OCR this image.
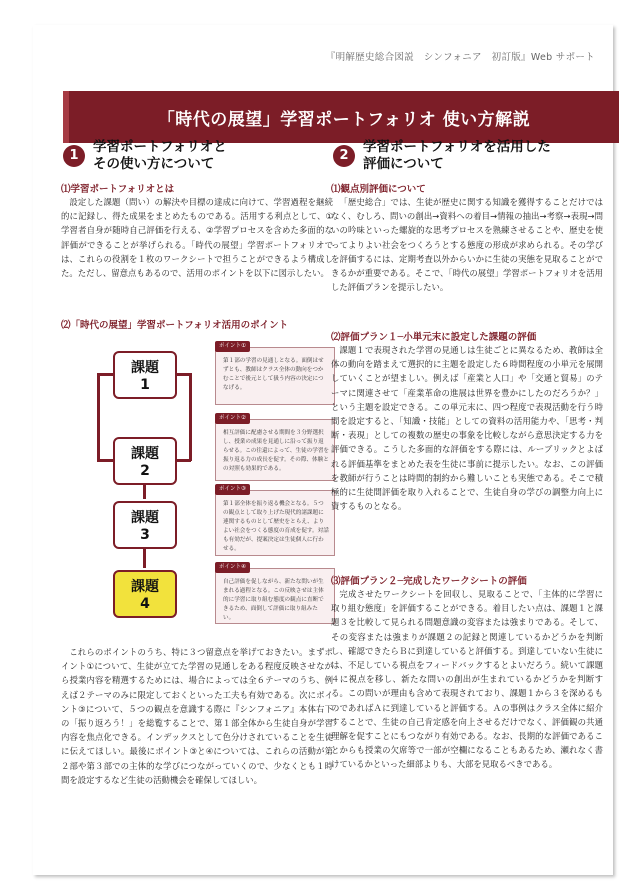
『明解歴史総合図説　シンフォニア　初訂版』Web サポート
「時代の展望」学習ポートフォリオ 使い方解説
1
学習ポートフォリオと
その使い方について
⑴学習ポートフォリオとは
設定した課題（問い）の解決や目標の達成に向けて、学習過程を継続的に記録し、得た成果をまとめたものである。活用する利点として、①学習者自身が随時自己評価を行える、②学習プロセスを含めた多面的な評価ができることが挙げられる。「時代の展望」学習ポートフォリオでは、これらの役割を１枚のワークシートで担うことができるよう構成した。ただし、留意点もあるので、活用のポイントを以下に図示したい。
⑵「時代の展望」学習ポートフォリオ活用のポイント
課題
1
課題
2
課題
3
課題
4
ポイント①
第１部の学習の見通しとなる。面倒はせずとも、教師はクラス全体の動向をつかむことで後元として扱う内容の決定につなげる。
ポイント②
相互評価に配慮させる期間を３分野選択し、授業の成果を見通しに沿って振り返らせる。この往還によって、生徒の学習を振り返る力の成長を促す。その際、体験との対照も効果的である。
ポイント③
第１部全体を振り返る機会となる。５つの観点として取り上げた現代的諸課題に連関するものとして歴史をとらえ、よりよい社会をつくる態度の育成を促す。対話も有効だが、提案決定は生徒個人に行わせる。
ポイント④
自己評価を促しながら、新たな問いが生まれる過程となる。この反映させは主体的に学習に取り組む態度の観点に直断できるため、面倒して評価に取り組みたい。
これらのポイントのうち、特に３つ留意点を挙げておきたい。まずポイント①について、生徒が立てた学習の見通しをある程度反映させながら授業内容を精選するためには、場合によっては全６テーマのうち、例えば２テーマのみに限定しておくといった工夫も有効である。次にポイント③について、５つの観点を意識する際に『シンフォニア』本体右下の「振り返ろう！」を総覧することで、第１部全体から生徒自身が学習内容を焦点化できる。インデックスとして色分けされていることを生徒に伝えてほしい。最後にポイント③と④については、これらの活動が第２部や第３部での主体的な学びにつながっていくので、少なくとも１時間を設定するなど生徒の活動機会を確保してほしい。
2
学習ポートフォリオを活用した
評価について
⑴観点別評価について
「歴史総合」では、生徒が歴史に関する知識を獲得することだけではなく、むしろ、問いの創出→資料への着目→情報の抽出→考察→表現→問いの吟味といった螺旋的な思考プロセスを熟練させることや、歴史を使ってよりよい社会をつくろうとする態度の形成が求められる。その学びを評価するには、定期考査以外からいかに生徒の実態を見取ることができるかが重要である。そこで、「時代の展望」学習ポートフォリオを活用した評価プランを提示したい。
⑵評価プラン１─小単元末に設定した課題の評価
課題１で表現された学習の見通しは生徒ごとに異なるため、教師は全体の動向を踏まえて選択的に主題を設定した６時間程度の小単元を展開していくことが望ましい。例えば「産業と人口」や「交通と貿易」のテーマに関連させて「産業革命の進展は世界を豊かにしたのだろうか？」という主題を設定できる。この単元末に、四つ程度で表現活動を行う時間を設定すると、「知識・技能」としての資料の活用能力や、「思考・判断・表現」としての複数の歴史の事象を比較しながら意思決定する力を評価できる。こうした多面的な評価をする際には、ルーブリックとよばれる評価基準をまとめた表を生徒に事前に提示したい。なお、この評価を教師が行うことは時間的制約から難しいことも実態である。そこで積極的に生徒間評価を取り入れることで、生徒自身の学びの調整力向上に資するものとなる。
⑶評価プラン２─完成したワークシートの評価
完成させたワークシートを回収し、見取ることで、「主体的に学習に取り組む態度」を評価することができる。着目したい点は、課題１と課題３を比較して見られる問題意識の変容または強まりである。そして、その変容または強まりが課題２の記録と関連しているかどうかを判断し、確認できたらＢに到達していると評価する。到達していない生徒には、不足している視点をフィードバックするとよいだろう。続いて課題４に視点を移し、新たな問いの創出が生まれているかどうかを判断する。この問いが理由も含めて表現されており、課題１から３を深めるものであればＡに到達していると評価する。Ａの事例はクラス全体に紹介することで、生徒の自己肯定感を向上させるだけでなく、評価観の共通理解を促すことにもつながり有効である。なお、長期的な評価であることからも授業の欠席等で一部が空欄になることもあるため、瀬れなく書けているかといった細部よりも、大部を見取るべきである。
